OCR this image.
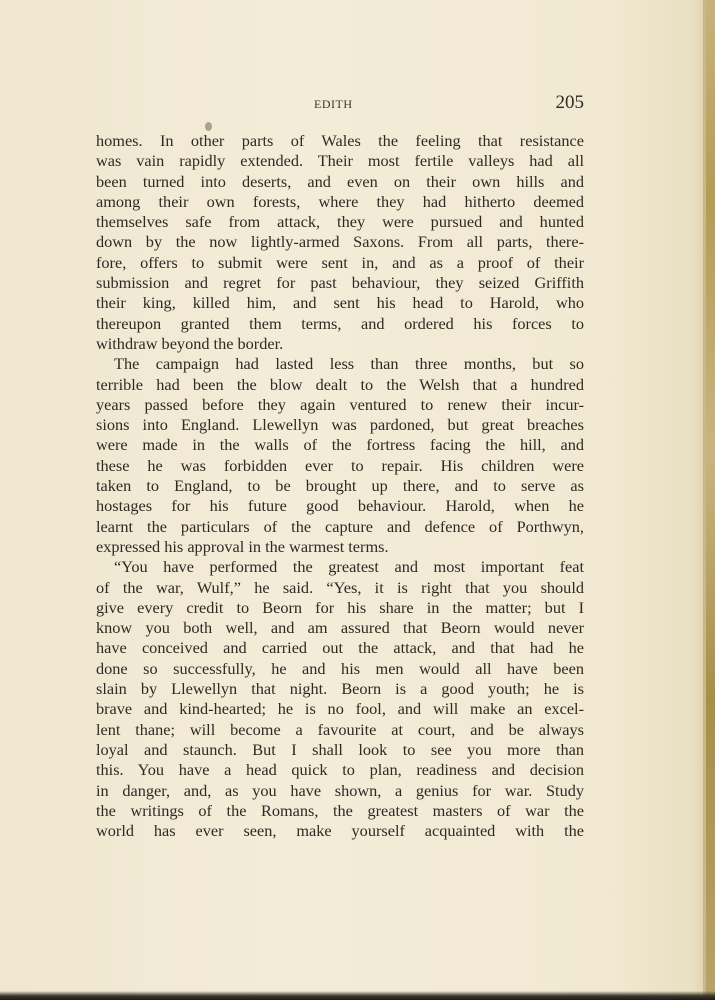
EDITH	205
homes. In other parts of Wales the feeling that resistance
was vain rapidly extended. Their most fertile valleys had all
been turned into deserts, and even on their own hills and
among their own forests, where they had hitherto deemed
themselves safe from attack, they were pursued and hunted
down by the now lightly-armed Saxons. From all parts, there-
fore, offers to submit were sent in, and as a proof of their
submission and regret for past behaviour, they seized Griffith
their king, killed him, and sent his head to Harold, who
thereupon granted them terms, and ordered his forces to
withdraw beyond the border.
The campaign had lasted less than three months, but so
terrible had been the blow dealt to the Welsh that a hundred
years passed before they again ventured to renew their incur-
sions into England. Llewellyn was pardoned, but great breaches
were made in the walls of the fortress facing the hill, and
these he was forbidden ever to repair. His children were
taken to England, to be brought up there, and to serve as
hostages for his future good behaviour. Harold, when he
learnt the particulars of the capture and defence of Porthwyn,
expressed his approval in the warmest terms.
“You have performed the greatest and most important feat
of the war, Wulf,” he said. “Yes, it is right that you should
give every credit to Beorn for his share in the matter; but I
know you both well, and am assured that Beorn would never
have conceived and carried out the attack, and that had he
done so successfully, he and his men would all have been
slain by Llewellyn that night. Beorn is a good youth; he is
brave and kind-hearted; he is no fool, and will make an excel-
lent thane; will become a favourite at court, and be always
loyal and staunch. But I shall look to see you more than
this. You have a head quick to plan, readiness and decision
in danger, and, as you have shown, a genius for war. Study
the writings of the Romans, the greatest masters of war the
world has ever seen, make yourself acquainted with the
